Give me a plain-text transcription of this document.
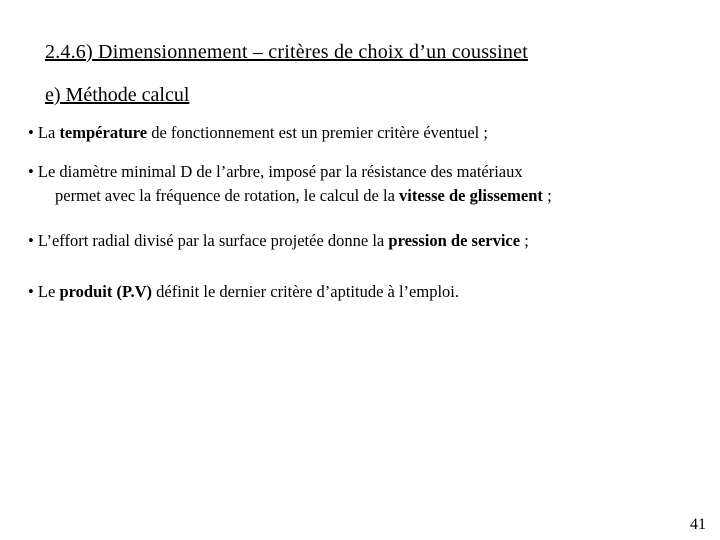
2.4.6) Dimensionnement – critères de choix d’un coussinet
e) Méthode calcul
• La température de fonctionnement est un premier critère éventuel ;
• Le diamètre minimal D de l’arbre, imposé par la résistance des matériaux
permet avec la fréquence de rotation, le calcul de la vitesse de glissement ;
• L’effort radial divisé par la surface projetée donne la pression de service ;
• Le produit (P.V) définit le dernier critère d’aptitude à l’emploi.
41
